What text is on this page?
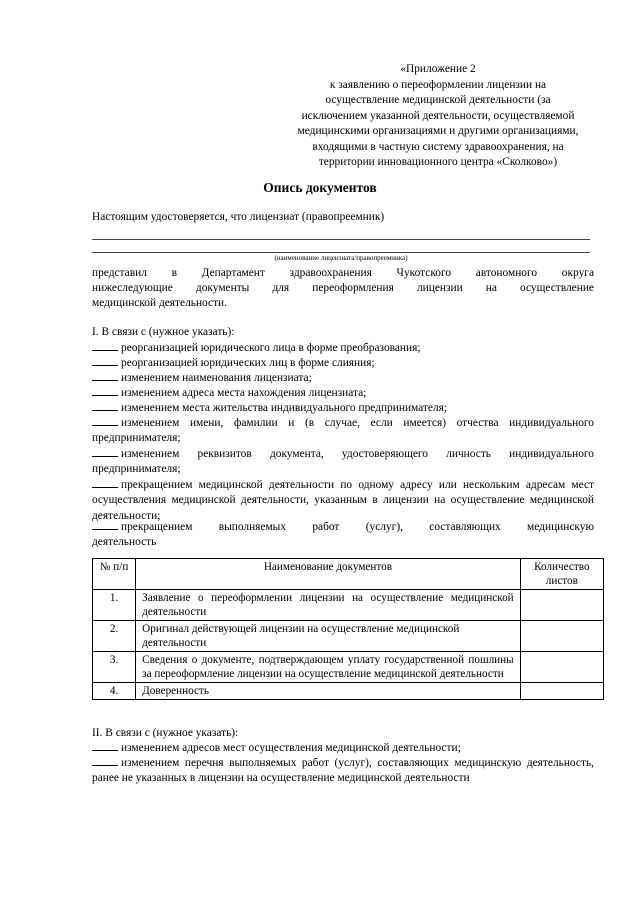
«Приложение 2
к заявлению о переоформлении лицензии на
осуществление медицинской деятельности (за
исключением указанной деятельности, осуществляемой
медицинскими организациями и другими организациями,
входящими в частную систему здравоохранения, на
территории инновационного центра «Сколково»)
Опись документов
Настоящим удостоверяется, что лицензиат (правопреемник)
(наименование лицензиата/правопреемника)
представил в Департамент здравоохранения Чукотского автономного округа
нижеследующие документы для переоформления лицензии на осуществление
медицинской деятельности.
I. В связи с (нужное указать):
реорганизацией юридического лица в форме преобразования;
реорганизацией юридических лиц в форме слияния;
изменением наименования лицензиата;
изменением адреса места нахождения лицензиата;
изменением места жительства индивидуального предпринимателя;
изменением имени, фамилии и (в случае, если имеется) отчества индивидуального предпринимателя;
изменением реквизитов документа, удостоверяющего личность индивидуального предпринимателя;
прекращением медицинской деятельности по одному адресу или нескольким адресам мест осуществления медицинской деятельности, указанным в лицензии на осуществление медицинской деятельности;
прекращением выполняемых работ (услуг), составляющих медицинскую деятельность
№ п/п	Наименование документов	Количество листов
1.	Заявление о переоформлении лицензии на осуществление медицинской деятельности	
2.	Оригинал действующей лицензии на осуществление медицинской деятельности	
3.	Сведения о документе, подтверждающем уплату государственной пошлины за переоформление лицензии на осуществление медицинской деятельности	
4.	Доверенность	
II. В связи с (нужное указать):
изменением адресов мест осуществления медицинской деятельности;
изменением перечня выполняемых работ (услуг), составляющих медицинскую деятельность, ранее не указанных в лицензии на осуществление медицинской деятельности
